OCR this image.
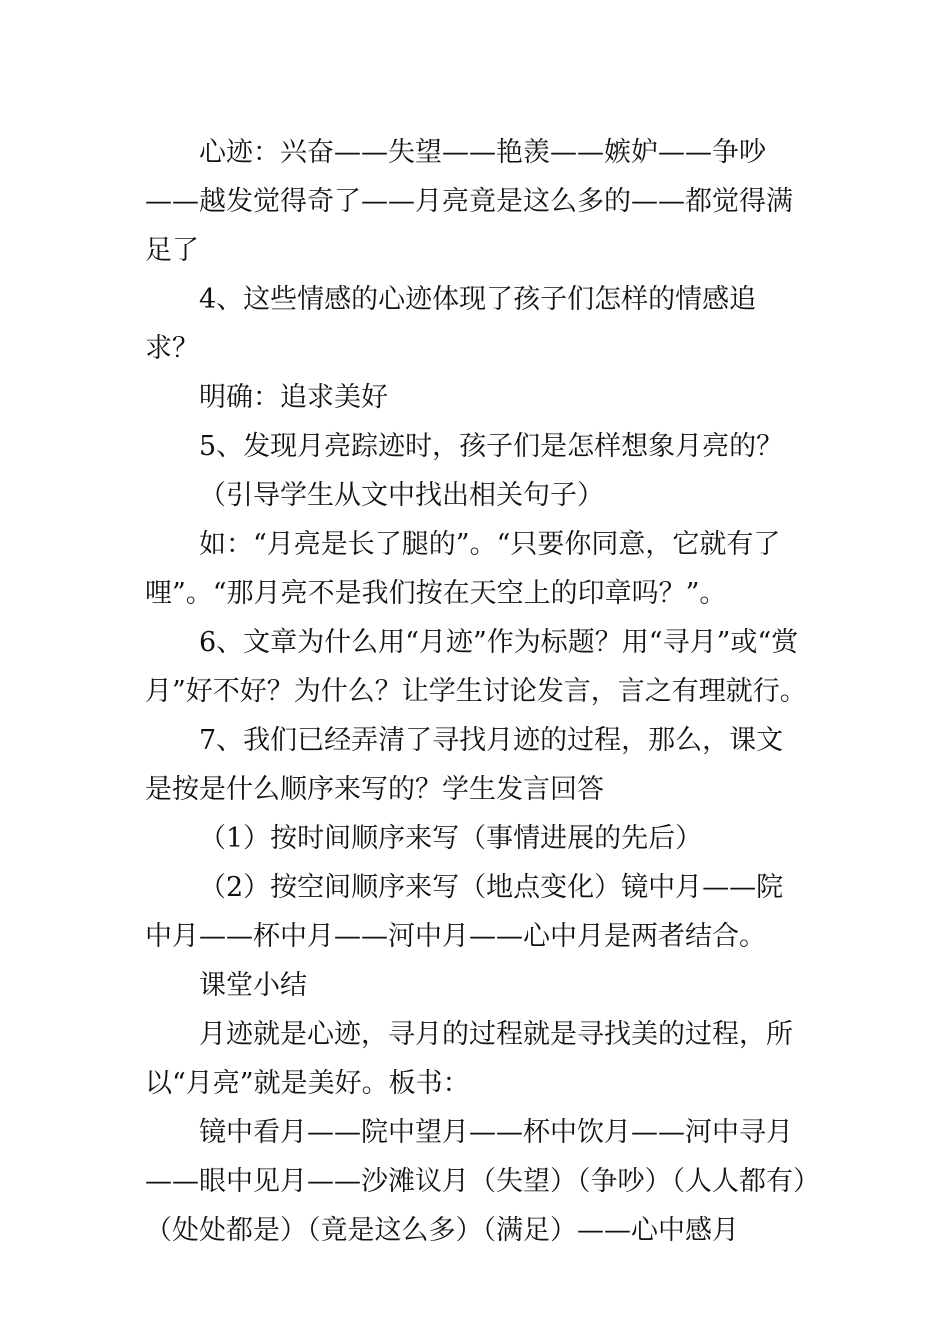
心迹：兴奋——失望——艳羡——嫉妒——争吵——越发觉得奇了——月亮竟是这么多的——都觉得满足了

4、这些情感的心迹体现了孩子们怎样的情感追求？

明确：追求美好

5、发现月亮踪迹时，孩子们是怎样想象月亮的？

（引导学生从文中找出相关句子）

如：“月亮是长了腿的”。“只要你同意，它就有了哩”。“那月亮不是我们按在天空上的印章吗？”。

6、文章为什么用“月迹”作为标题？用“寻月”或“赏月”好不好？为什么？让学生讨论发言，言之有理就行。

7、我们已经弄清了寻找月迹的过程，那么，课文是按是什么顺序来写的？学生发言回答

（1）按时间顺序来写（事情进展的先后）

（2）按空间顺序来写（地点变化）镜中月——院中月——杯中月——河中月——心中月是两者结合。

课堂小结

月迹就是心迹，寻月的过程就是寻找美的过程，所以“月亮”就是美好。板书：

镜中看月——院中望月——杯中饮月——河中寻月——眼中见月——沙滩议月（失望）（争吵）（人人都有）（处处都是）（竟是这么多）（满足）——心中感月
